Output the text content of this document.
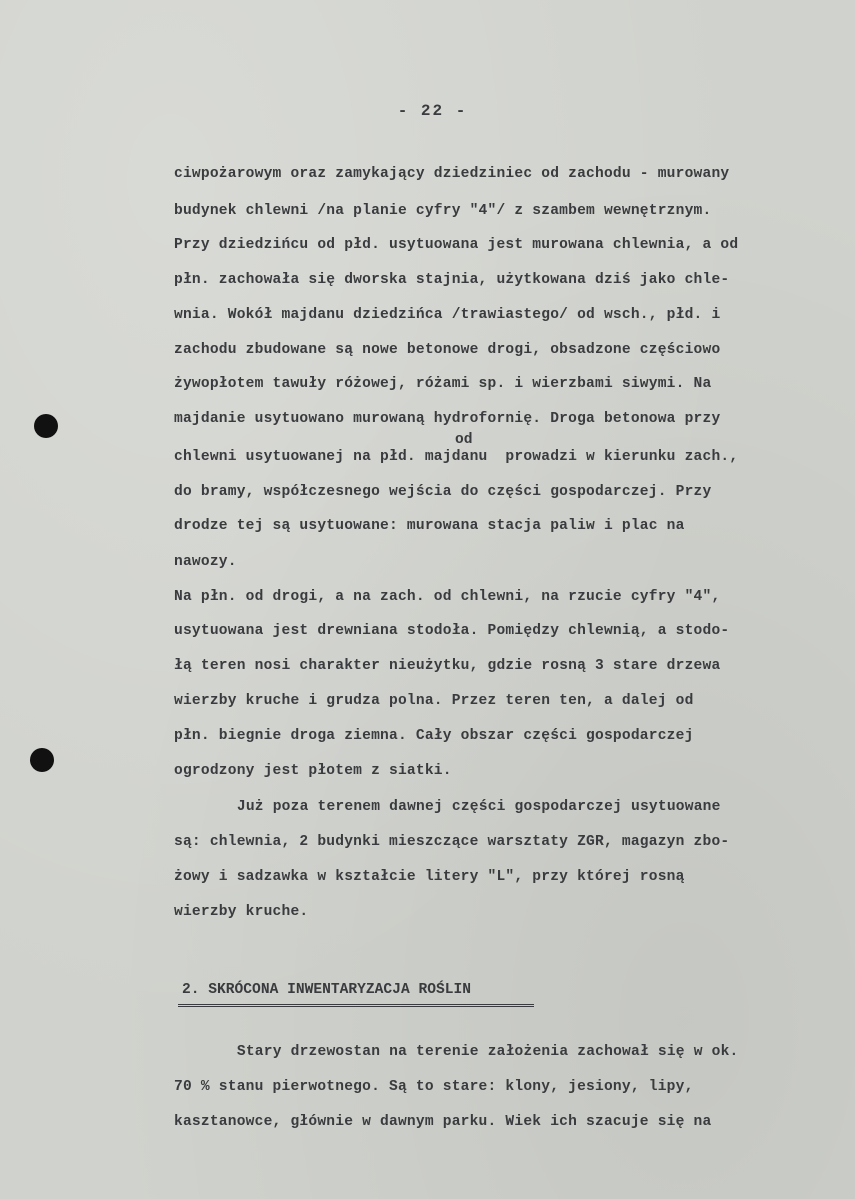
- 22 -
ciwpożarowym oraz zamykający dziedziniec od zachodu - murowany
budynek chlewni /na planie cyfry "4"/ z szambem wewnętrznym.
Przy dziedzińcu od płd. usytuowana jest murowana chlewnia, a od
płn. zachowała się dworska stajnia, użytkowana dziś jako chle-
wnia. Wokół majdanu dziedzińca /trawiastego/ od wsch., płd. i
zachodu zbudowane są nowe betonowe drogi, obsadzone częściowo
żywopłotem tawuły różowej, różami sp. i wierzbami siwymi. Na
majdanie usytuowano murowaną hydrofornię. Droga betonowa przy
od
chlewni usytuowanej na płd. majdanu  prowadzi w kierunku zach.,
do bramy, współczesnego wejścia do części gospodarczej. Przy
drodze tej są usytuowane: murowana stacja paliw i plac na
nawozy.
Na płn. od drogi, a na zach. od chlewni, na rzucie cyfry "4",
usytuowana jest drewniana stodoła. Pomiędzy chlewnią, a stodo-
łą teren nosi charakter nieużytku, gdzie rosną 3 stare drzewa
wierzby kruche i grudza polna. Przez teren ten, a dalej od
płn. biegnie droga ziemna. Cały obszar części gospodarczej
ogrodzony jest płotem z siatki.
Już poza terenem dawnej części gospodarczej usytuowane
są: chlewnia, 2 budynki mieszczące warsztaty ZGR, magazyn zbo-
żowy i sadzawka w kształcie litery "L", przy której rosną
wierzby kruche.
2. SKRÓCONA INWENTARYZACJA ROŚLIN
Stary drzewostan na terenie założenia zachował się w ok.
70 % stanu pierwotnego. Są to stare: klony, jesiony, lipy,
kasztanowce, głównie w dawnym parku. Wiek ich szacuje się na
